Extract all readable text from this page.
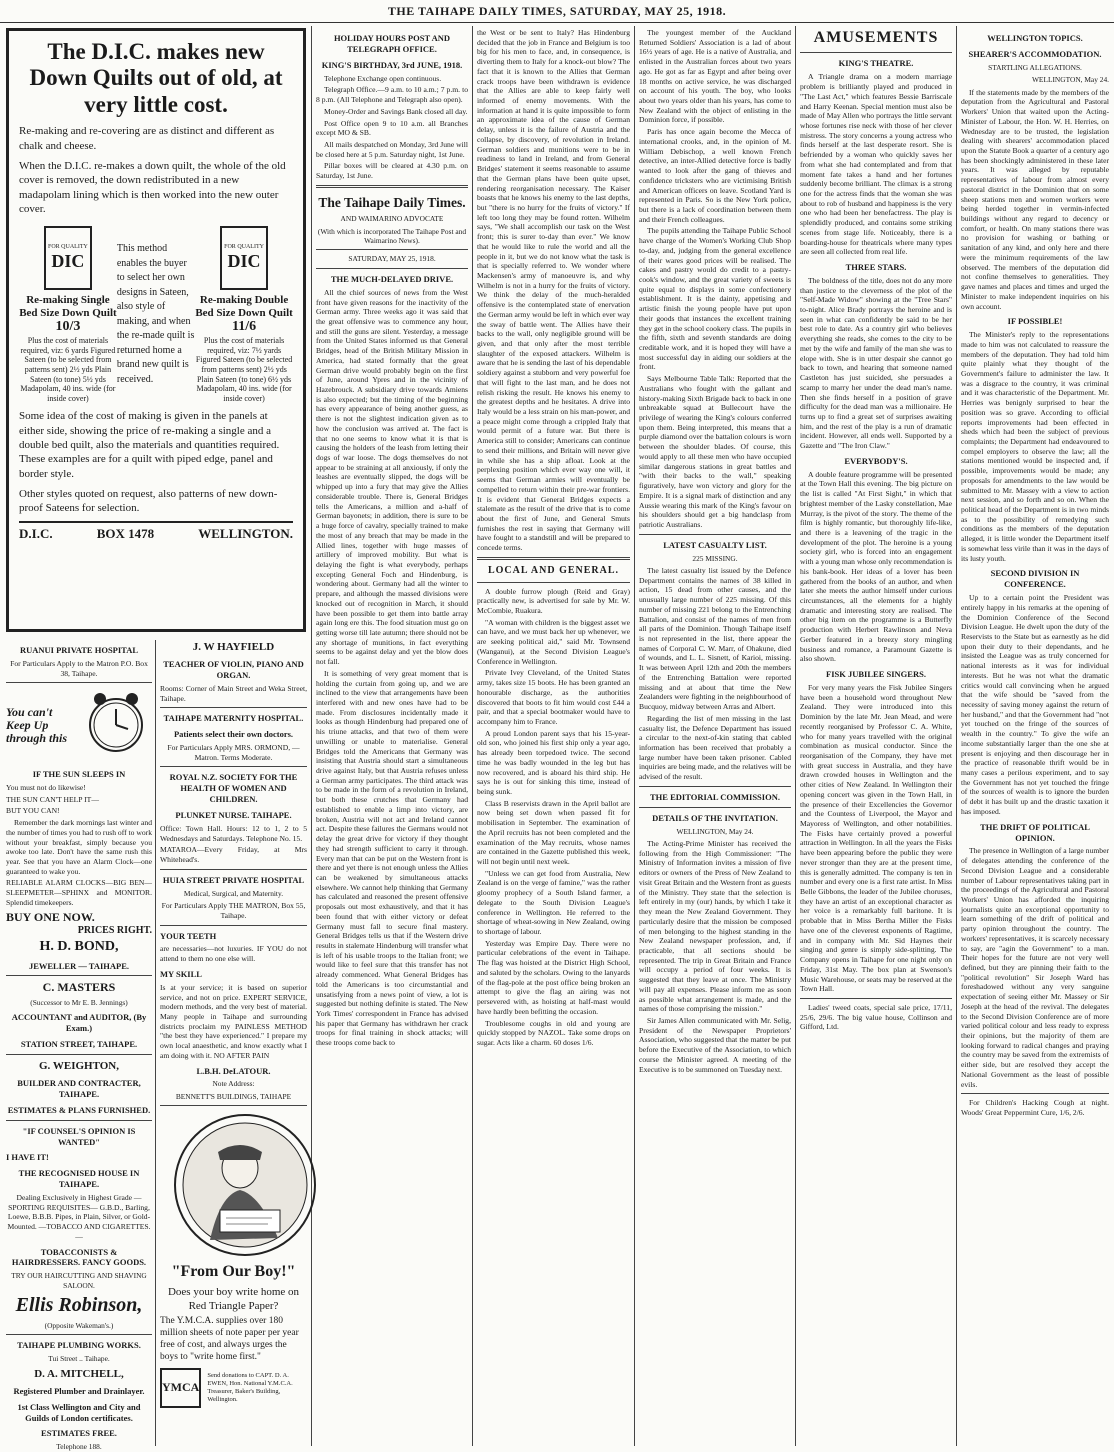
THE TAIHAPE DAILY TIMES, SATURDAY, MAY 25, 1918.
The D.I.C. makes new Down Quilts out of old, at very little cost.

Re-making and re-covering are as distinct and different as chalk and cheese.

When the D.I.C. re-makes a down quilt, the whole of the old cover is removed, the down redistributed in a new madapolam lining which is then worked into the new outer cover.

FOR QUALITY
DIC
Re-making Single Bed Size Down Quilt
10/3
Plus the cost of materials required, viz: 6 yards Figured Sateen (to be selected from patterns sent) 2½ yds Plain Sateen (to tone) 5½ yds Madapolam, 40 ins. wide (for inside cover)
This method enables the buyer to select her own designs in Sateen, also style of making, and when the re-made quilt is returned home a brand new quilt is received.
FOR QUALITY
DIC
Re-making Double Bed Size Down Quilt
11/6
Plus the cost of materials required, viz: 7½ yards Figured Sateen (to be selected from patterns sent) 2½ yds Plain Sateen (to tone) 6½ yds Madapolam, 40 ins. wide (for inside cover)

Some idea of the cost of making is given in the panels at either side, showing the price of re-making a single and a double bed quilt, also the materials and quantities required. These examples are for a quilt with piped edge, panel and border style.

Other styles quoted on request, also patterns of new down-proof Sateens for selection.

D.I.C.	BOX 1478	WELLINGTON.
RUANUI PRIVATE HOSPITAL

For Particulars Apply to the Matron P.O. Box 38, Taihape.

You can't Keep Up through this
IF THE SUN SLEEPS IN

You must not do likewise!

THE SUN CAN'T HELP IT—

BUT YOU CAN!

Remember the dark mornings last winter and the number of times you had to rush off to work without your breakfast, simply because you awoke too late. Don't have the same rush this year. See that you have an Alarm Clock—one guaranteed to wake you.

RELIABLE ALARM CLOCKS—BIG BEN—SLEEPMETER—SPHINX and MONITOR. Splendid timekeepers.

BUY ONE NOW.
PRICES RIGHT.
H. D. BOND,
JEWELLER — TAIHAPE.
C. MASTERS
(Successor to Mr E. B. Jennings)
ACCOUNTANT and AUDITOR, (By Exam.)
STATION STREET, TAIHAPE.
G. WEIGHTON,
BUILDER AND CONTRACTER, TAIHAPE.
ESTIMATES & PLANS FURNISHED.
"IF COUNSEL'S OPINION IS WANTED"
I HAVE IT!
THE RECOGNISED HOUSE IN TAIHAPE.

Dealing Exclusively in Highest Grade —SPORTING REQUISITES— G.B.D., Barling, Loewe, B.B.B. Pipes, in Plain, Silver, or Gold-Mounted. —TOBACCO AND CIGARETTES.—

TOBACCONISTS & HAIRDRESSERS. FANCY GOODS.
TRY OUR HAIRCUTTING AND SHAVING SALOON.
Ellis Robinson,
(Opposite Wakeman's.)
TAIHAPE PLUMBING WORKS.
Tui Street .. Taihape.
D. A. MITCHELL,
Registered Plumber and Drainlayer.
1st Class Wellington and City and Guilds of London certificates.
ESTIMATES FREE.
Telephone 188.
J. W HAYFIELD
TEACHER OF VIOLIN, PIANO AND ORGAN.

Rooms: Corner of Main Street and Weka Street, Taihape.

TAIHAPE MATERNITY HOSPITAL.
Patients select their own doctors.

For Particulars Apply MRS. ORMOND, —Matron. Terms Moderate.

ROYAL N.Z. SOCIETY FOR THE HEALTH OF WOMEN AND CHILDREN.
PLUNKET NURSE. TAIHAPE.

Office: Town Hall. Hours: 12 to 1, 2 to 5 Wednesdays and Saturdays. Telephone No. 15.

MATAROA—Every Friday, at Mrs Whitehead's.

HUIA STREET PRIVATE HOSPITAL
Medical, Surgical, and Maternity.

For Particulars Apply THE MATRON, Box 55, Taihape.

YOUR TEETH

are necessaries—not luxuries. IF YOU do not attend to them no one else will.

MY SKILL

Is at your service; it is based on superior service, and not on price. EXPERT SERVICE, modern methods, and the very best of material. Many people in Taihape and surrounding districts proclaim my PAINLESS METHOD "the best they have experienced." I prepare my own local anaesthetic, and know exactly what I am doing with it. NO AFTER PAIN

L.B.H. DeLATOUR.
Note Address:
BENNETT'S BUILDINGS, TAIHAPE
"From Our Boy!"
Does your boy write home on Red Triangle Paper?
The Y.M.C.A. supplies over 180 million sheets of note paper per year free of cost, and always urges the boys to "write home first."
YMCA
Send donations to CAPT. D. A. EWEN, Hon. National Y.M.C.A. Treasurer, Baker's Building, Wellington.
HOLIDAY HOURS POST AND TELEGRAPH OFFICE.
KING'S BIRTHDAY, 3rd JUNE, 1918.

Telephone Exchange open continuous.

Telegraph Office.—9 a.m. to 10 a.m.; 7 p.m. to 8 p.m. (All Telephone and Telegraph also open).

Money-Order and Savings Bank closed all day.

Post Office open 9 to 10 a.m. all Branches except MO & SB.

All mails despatched on Monday, 3rd June will be closed here at 5 p.m. Saturday night, 1st June.

Pillar boxes will be cleared at 4.30 p.m. on Saturday, 1st June.

The Taihape Daily Times.
AND WAIMARINO ADVOCATE
(With which is incorporated The Taihape Post and Waimarino News).
SATURDAY, MAY 25, 1918.
THE MUCH-DELAYED DRIVE.

All the chief sources of news from the West front have given reasons for the inactivity of the German army. Three weeks ago it was said that the great offensive was to commence any hour, and still the guns are silent. Yesterday, a message from the United States informed us that General Bridges, head of the British Military Mission in America, had stated formally that the great German drive would probably begin on the first of June, around Ypres and in the vicinity of Hazebrouck. A subsidiary drive towards Amiens is also expected; but the timing of the beginning has every appearance of being another guess, as there is not the slightest indication given as to how the conclusion was arrived at. The fact is that no one seems to know what it is that is causing the holders of the leash from letting their dogs of war loose. The dogs themselves do not appear to be straining at all anxiously, if only the leashes are eventually slipped, the dogs will be whipped up into a fury that may give the Allies considerable trouble. There is, General Bridges tells the Americans, a million and a-half of German bayonets; in addition, there is sure to be a huge force of cavalry, specially trained to make the most of any breach that may be made in the Allied lines, together with huge masses of artillery of improved mobility. But what is delaying the fight is what everybody, perhaps excepting General Foch and Hindenburg, is wondering about. Germany had all the winter to prepare, and although the massed divisions were knocked out of recognition in March, it should have been possible to get them into battle array again long ere this. The food situation must go on getting worse till late autumn; there should not be any shortage of munitions, in fact everything seems to be against delay and yet the blow does not fall.

It is something of very great moment that is holding the curtain from going up, and we are inclined to the view that arrangements have been interfered with and new ones have had to be made. From disclosures incidentally made it looks as though Hindenburg had prepared one of his triune attacks, and that two of them were unwilling or unable to materialise. General Bridges told the Americans that Germany was insisting that Austria should start a simultaneous drive against Italy, but that Austria refuses unless a German army participates. The third attack was to be made in the form of a revolution in Ireland, but both these crutches that Germany had established to enable a limp into victory, are broken, Austria will not act and Ireland cannot act. Despite these failures the Germans would not delay the great drive for victory if they thought they had strength sufficient to carry it through. Every man that can be put on the Western front is there and yet there is not enough unless the Allies can be weakened by simultaneous attacks elsewhere. We cannot help thinking that Germany has calculated and reasoned the present offensive proposals out most exhaustively, and that it has been found that with either victory or defeat Germany must fall to secure final mastery. General Bridges tells us that if the Western drive results in stalemate Hindenburg will transfer what is left of his usable troops to the Italian front; we would like to feel sure that this transfer has not already commenced. What General Bridges has told the Americans is too circumstantial and unsatisfying from a news point of view, a lot is suggested but nothing definite is stated. The New York Times' correspondent in France has advised his paper that Germany has withdrawn her crack troops for final training in shock attacks; will these troops come back to

the West or be sent to Italy? Has Hindenburg decided that the job in France and Belgium is too big for his men to face, and, in consequence, is diverting them to Italy for a knock-out blow? The fact that it is known to the Allies that German crack troops have been withdrawn is evidence that the Allies are able to keep fairly well informed of enemy movements. With the information at hand it is quite impossible to form an approximate idea of the cause of German delay, unless it is the failure of Austria and the collapse, by discovery, of revolution in Ireland. German soldiers and munitions were to be in readiness to land in Ireland, and from General Bridges' statement it seems reasonable to assume that the German plans have been quite upset, rendering reorganisation necessary. The Kaiser boasts that he knows his enemy to the last depths, but "there is no hurry for the fruits of victory." If left too long they may be found rotten. Wilhelm says, "We shall accomplish our task on the West front; this is surer to-day than ever." We know that he would like to rule the world and all the people in it, but we do not know what the task is that is specially referred to. We wonder where Mackensen's army of manoeuvre is, and why Wilhelm is not in a hurry for the fruits of victory. We think the delay of the much-heralded offensive is the contemplated state of enervation the German army would be left in which ever way the sway of battle went. The Allies have their backs to the wall, only negligible ground will be given, and that only after the most terrible slaughter of the exposed attackers. Wilhelm is aware that he is sending the last of his dependable soldiery against a stubborn and very powerful foe that will fight to the last man, and he does not relish risking the result. He knows his enemy to the greatest depths and he hesitates. A drive into Italy would be a less strain on his man-power, and a peace might come through a crippled Italy that would permit of a future war. But there is America still to consider; Americans can continue to send their millions, and Britain will never give in while she has a ship afloat. Look at the perplexing position which ever way one will, it seems that German armies will eventually be compelled to return within their pre-war frontiers. It is evident that General Bridges expects a stalemate as the result of the drive that is to come about the first of June, and General Smuts furnishes the rest in saying that Germany will have fought to a standstill and will be prepared to concede terms.

LOCAL AND GENERAL.

A double furrow plough (Reid and Gray) practically new, is advertised for sale by Mr. W. McCombie, Ruakura.

"A woman with children is the biggest asset we can have, and we must back her up whenever, we are seeking political aid," said Mr. Townsend (Wanganui), at the Second Division League's Conference in Wellington.

Private Ivey Cleveland, of the United States army, takes size 15 boots. He has been granted an honourable discharge, as the authorities discovered that boots to fit him would cost £44 a pair, and that a special bootmaker would have to accompany him to France.

A proud London parent says that his 15-year-old son, who joined his first ship only a year ago, has already been torpedoed twice. The second time he was badly wounded in the leg but has now recovered, and is aboard his third ship. He says he is out for sinking this time, instead of being sunk.

Class B reservists drawn in the April ballot are now being set down when passed fit for mobilisation in September. The examination of the April recruits has not been completed and the examination of the May recruits, whose names are contained in the Gazette published this week, will not begin until next week.

"Unless we can get food from Australia, New Zealand is on the verge of famine," was the rather gloomy prophecy of a South Island farmer, a delegate to the South Division League's conference in Wellington. He referred to the shortage of wheat-sowing in New Zealand, owing to shortage of labour.

Yesterday was Empire Day. There were no particular celebrations of the event in Taihape. The flag was hoisted at the District High School, and saluted by the scholars. Owing to the lanyards of the flag-pole at the post office being broken an attempt to give the flag an airing was not persevered with, as hoisting at half-mast would have hardly been befitting the occasion.

Troublesome coughs in old and young are quickly stopped by NAZOL. Take some drops on sugar. Acts like a charm. 60 doses 1/6.

The youngest member of the Auckland Returned Soldiers' Association is a lad of about 16½ years of age. He is a native of Australia, and enlisted in the Australian forces about two years ago. He got as far as Egypt and after being over 18 months on active service, he was discharged on account of his youth. The boy, who looks about two years older than his years, has come to New Zealand with the object of enlisting in the Dominion force, if possible.

Paris has once again become the Mecca of international crooks, and, in the opinion of M. William Debischop, a well known French detective, an inter-Allied detective force is badly wanted to look after the gang of thieves and confidence tricksters who are victimising British and American officers on leave. Scotland Yard is represented in Paris. So is the New York police, but there is a lack of coordination between them and their French colleagues.

The pupils attending the Taihape Public School have charge of the Women's Working Club Shop to-day, and, judging from the general excellence of their wares good prices will be realised. The cakes and pastry would do credit to a pastry-cook's window, and the great variety of sweets is quite equal to displays in some confectionery establishment. It is the dainty, appetising and artistic finish the young people have put upon their goods that instances the excellent training they get in the school cookery class. The pupils in the fifth, sixth and seventh standards are doing creditable work, and it is hoped they will have a most successful day in aiding our soldiers at the front.

Says Melbourne Table Talk: Reported that the Australians who fought with the gallant and history-making Sixth Brigade back to back in one unbreakable squad at Bullecourt have the privilege of wearing the King's colours conferred upon them. Being interpreted, this means that a purple diamond over the battalion colours is worn between the shoulder blades. Of course, this would apply to all these men who have occupied similar dangerous stations in great battles and "with their backs to the wall," speaking figuratively, have won victory and glory for the Empire. It is a signal mark of distinction and any Aussie wearing this mark of the King's favour on his shoulders should get a big handclasp from patriotic Australians.

LATEST CASUALTY LIST.
225 MISSING.

The latest casualty list issued by the Defence Department contains the names of 38 killed in action, 15 dead from other causes, and the unusually large number of 225 missing. Of this number of missing 221 belong to the Entrenching Battalion, and consist of the names of men from all parts of the Dominion. Though Taihape itself is not represented in the list, there appear the names of Corporal C. W. Marr, of Ohakune, died of wounds, and L. L. Sisnett, of Karioi, missing. It was between April 12th and 20th the members of the Entrenching Battalion were reported missing and at about that time the New Zealanders were fighting in the neighbourhood of Bucquoy, midway between Arras and Albert.

Regarding the list of men missing in the last casualty list, the Defence Department has issued a circular to the next-of-kin stating that cabled information has been received that probably a large number have been taken prisoner. Cabled inquiries are being made, and the relatives will be advised of the result.

THE EDITORIAL COMMISSION.
DETAILS OF THE INVITATION.
WELLINGTON, May 24.

The Acting-Prime Minister has received the following from the High Commissioner: "The Ministry of Information invites a mission of five editors or owners of the Press of New Zealand to visit Great Britain and the Western front as guests of the Ministry. They state that the selection is left entirely in my (our) hands, by which I take it they mean the New Zealand Government. They particularly desire that the mission be composed of men belonging to the highest standing in the New Zealand newspaper profession, and, if practicable, that all sections should be represented. The trip in Great Britain and France will occupy a period of four weeks. It is suggested that they leave at once. The Ministry will pay all expenses. Please inform me as soon as possible what arrangement is made, and the names of those comprising the mission."

Sir James Allen communicated with Mr. Selig, President of the Newspaper Proprietors' Association, who suggested that the matter be put before the Executive of the Association, to which course the Minister agreed. A meeting of the Executive is to be summoned on Tuesday next.

AMUSEMENTS
KING'S THEATRE.

A Triangle drama on a modern marriage problem is brilliantly played and produced in "The Last Act," which features Bessie Barriscale and Harry Keenan. Special mention must also be made of May Allen who portrays the little servant whose fortunes rise neck with those of her clever mistress. The story concerns a young actress who finds herself at the last desperate resort. She is befriended by a woman who quickly saves her from what she had contemplated and from that moment fate takes a hand and her fortunes suddenly become brilliant. The climax is a strong one for the actress finds that the woman she was about to rob of husband and happiness is the very one who had been her benefactress. The play is splendidly produced, and contains some striking scenes from stage life. Noticeably, there is a boarding-house for theatricals where many types are seen all collected from real life.

THREE STARS.

The boldness of the title, does not do any more than justice to the cleverness of the plot of the "Self-Made Widow" showing at the "Tree Stars" to-night. Alice Brady portrays the heroine and is seen in what can confidently be said to be her best role to date. As a country girl who believes everything she reads, she comes to the city to be met by the wife and family of the man she was to elope with. She is in utter despair she cannot go back to town, and hearing that someone named Castleton has just suicided, she persuades a scamp to marry her under the dead man's name. Then she finds herself in a position of grave difficulty for the dead man was a millionaire. He turns up to find a great set of surprises awaiting him, and the rest of the play is a run of dramatic incident. However, all ends well. Supported by a Gazette and "The Iron Claw."

EVERYBODY'S.

A double feature programme will be presented at the Town Hall this evening. The big picture on the list is called "At First Sight," in which that brightest member of the Lasky constellation, Mae Murray, is the pivot of the story. The theme of the film is highly romantic, but thoroughly life-like, and there is a leavening of the tragic in the development of the plot. The heroine is a young society girl, who is forced into an engagement with a young man whose only recommendation is his bank-book. Her ideas of a lover has been gathered from the books of an author, and when later she meets the author himself under curious circumstances, all the elements for a highly dramatic and interesting story are realised. The other big item on the programme is a Butterfly production with Herbert Rawlinson and Neva Gerber featured in a breezy story mingling business and romance, a Paramount Gazette is also shown.

FISK JUBILEE SINGERS.

For very many years the Fisk Jubilee Singers have been a household word throughout New Zealand. They were introduced into this Dominion by the late Mr. Jean Mead, and were recently reorganised by Professor C. A. White, who for many years travelled with the original combination as musical conductor. Since the reorganisation of the Company, they have met with great success in Australia, and they have drawn crowded houses in Wellington and the other cities of New Zealand. In Wellington their opening concert was given in the Town Hall, in the presence of their Excellencies the Governor and the Countess of Liverpool, the Mayor and Mayoress of Wellington, and other notabilities. The Fisks have certainly proved a powerful attraction in Wellington. In all the years the Fisks have been appearing before the public they were never stronger than they are at the present time, this is generally admitted. The company is ten in number and every one is a first rate artist. In Miss Belle Gibbons, the leader of the Jubilee choruses, they have an artist of an exceptional character as her voice is a remarkably full baritone. It is probable that in Miss Bertha Miller the Fisks have one of the cleverest exponents of Ragtime, and in company with Mr. Sid Haynes their singing and genre is simply side-splitting. The Company opens in Taihape for one night only on Friday, 31st May. The box plan at Swenson's Music Warehouse, or seats may be reserved at the Town Hall.

Ladies' tweed coats, special sale price, 17/11, 25/6, 29/6. The big value house, Collinson and Gifford, Ltd.

WELLINGTON TOPICS.
SHEARER'S ACCOMMODATION.
STARTLING ALLEGATIONS.
WELLINGTON, May 24.

If the statements made by the members of the deputation from the Agricultural and Pastoral Workers' Union that waited upon the Acting-Minister of Labour, the Hon. W. H. Herries, on Wednesday are to be trusted, the legislation dealing with shearers' accommodation placed upon the Statute Book a quarter of a century ago has been shockingly administered in these later years. It was alleged by reputable representatives of labour from almost every pastoral district in the Dominion that on some sheep stations men and women workers were being herded together in vermin-infected buildings without any regard to decency or comfort, or health. On many stations there was no provision for washing or bathing or sanitation of any kind, and only here and there were the minimum requirements of the law observed. The members of the deputation did not confine themselves to generalities. They gave names and places and times and urged the Minister to make independent inquiries on his own account.

IF POSSIBLE!

The Minister's reply to the representations made to him was not calculated to reassure the members of the deputation. They had told him quite plainly what they thought of the Government's failure to administer the law. It was a disgrace to the country, it was criminal and it was characteristic of the Department. Mr. Herries was benignly surprised to hear the position was so grave. According to official reports improvements had been effected in sheds which had been the subject of previous complaints; the Department had endeavoured to compel employers to observe the law; all the stations mentioned would be inspected and, if possible, improvements would be made; any proposals for amendments to the law would be submitted to Mr. Massey with a view to action next session, and so forth and so on. When the political head of the Department is in two minds as to the possibility of remedying such conditions as the members of the deputation alleged, it is little wonder the Department itself is somewhat less virile than it was in the days of its lusty youth.

SECOND DIVISION IN CONFERENCE.

Up to a certain point the President was entirely happy in his remarks at the opening of the Dominion Conference of the Second Division League. He dwelt upon the duty of the Reservists to the State but as earnestly as he did upon their duty to their dependants, and he insisted the League was as truly concerned for national interests as it was for individual interests. But he was not what the dramatic critics would call convincing when he argued that the wife should be "saved from the necessity of saving money against the return of her husband," and that the Government had "not yet touched on the fringe of the sources of wealth in the country." To give the wife an income substantially larger than the one she at present is enjoying and then discourage her in the practice of reasonable thrift would be in many cases a perilous experiment, and to say the Government has not yet touched the fringe of the sources of wealth is to ignore the burden of debt it has built up and the drastic taxation it has imposed.

THE DRIFT OF POLITICAL OPINION.

The presence in Wellington of a large number of delegates attending the conference of the Second Division League and a considerable number of Labour representatives taking part in the proceedings of the Agricultural and Pastoral Workers' Union has afforded the inquiring journalists quite an exceptional opportunity to learn something of the drift of political and party opinion throughout the country. The workers' representatives, it is scarcely necessary to say, are "agin the Government" to a man. Their hopes for the future are not very well defined, but they are pinning their faith to the "political revolution" Sir Joseph Ward has foreshadowed without any very sanguine expectation of seeing either Mr. Massey or Sir Joseph at the head of the revival. The delegates to the Second Division Conference are of more varied political colour and less ready to express their opinions, but the majority of them are looking forward to radical changes and praying the country may be saved from the extremists of either side, but are resolved they accept the National Government as the least of possible evils.

For Children's Hacking Cough at night. Woods' Great Peppermint Cure, 1/6, 2/6.
